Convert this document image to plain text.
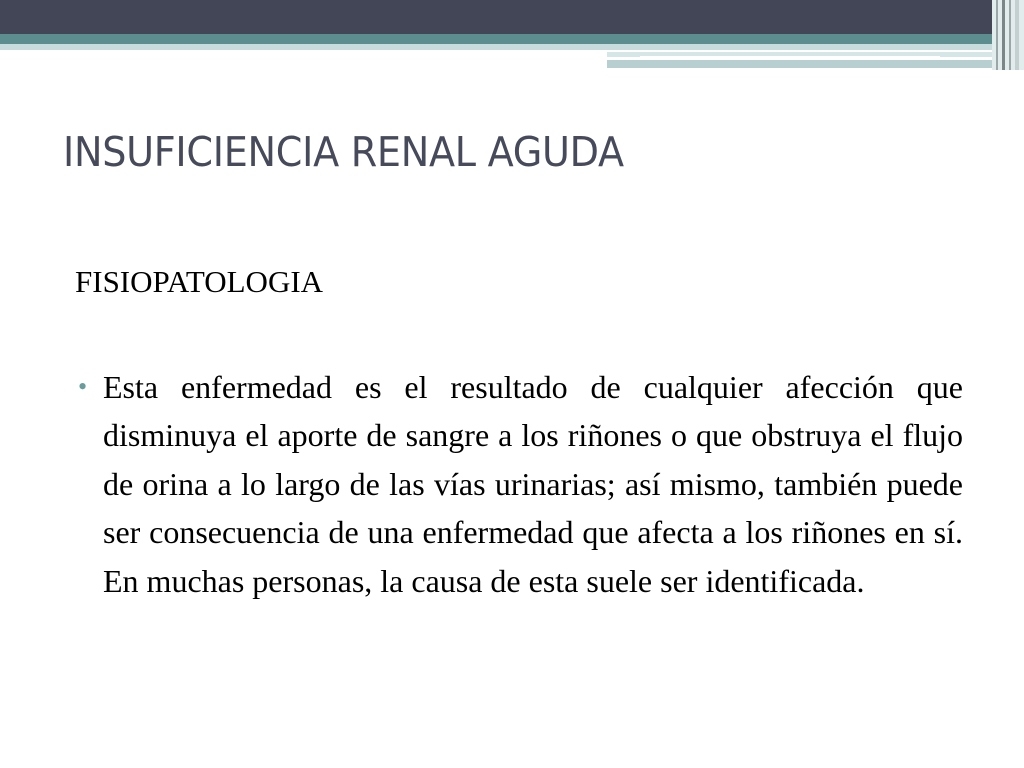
INSUFICIENCIA RENAL AGUDA

FISIOPATOLOGIA

• Esta enfermedad es el resultado de cualquier afección que disminuya el aporte de sangre a los riñones o que obstruya el flujo de orina a lo largo de las vías urinarias; así mismo, también puede ser consecuencia de una enfermedad que afecta a los riñones en sí. En muchas personas, la causa de esta suele ser identificada.
